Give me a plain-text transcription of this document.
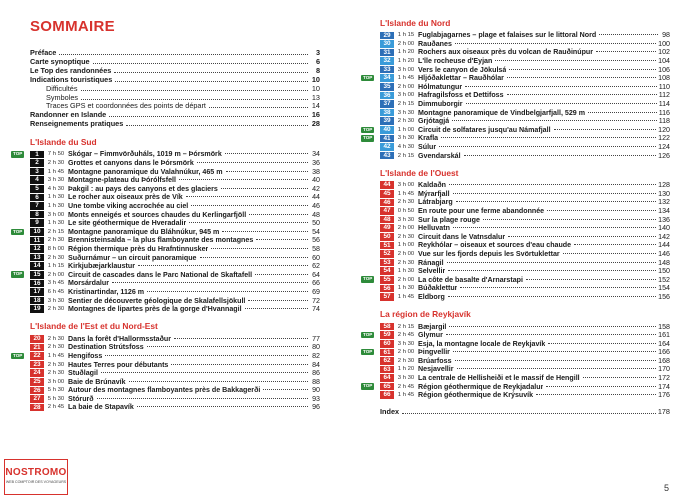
SOMMAIRE
Préface	3
Carte synoptique	6
Le Top des randonnées	8
Indications touristiques	10
Difficultés	10
Symboles	13
Traces GPS et coordonnées des points de départ	14
Randonner en Islande	16
Renseignements pratiques	28
L'Islande du Sud
TOP	1	7 h 50 Skógar – Fimmvörðuháls, 1019 m – Þórsmörk	34
2	2 h 30 Grottes et canyons dans le Þórsmörk	36
3	1 h 45 Montagne panoramique du Valahnúkur, 465 m	38
4	3 h 30 Montagne-plateau du Þórólfsfell	40
5	4 h 30 Þakgil : au pays des canyons et des glaciers	42
6	1 h 30 Le rocher aux oiseaux près de Vík	44
7	1 h 30 Une tombe viking accrochée au ciel	46
8	3 h 00 Monts enneigés et sources chaudes du Kerlingarfjöll	48
9	1 h 30 Le site géothermique de Hveradalir	50
TOP	10	2 h 15 Montagne panoramique du Bláhnúkur, 945 m	54
11	2 h 30 Brennisteinsalda – la plus flamboyante des montagnes	56
12	8 h 00 Région thermique près du Hrafntinnusker	58
13	2 h 30 Suðurnámur – un circuit panoramique	60
14	1 h 15 Kirkjubæjarklaustur	62
TOP	15	2 h 00 Circuit de cascades dans le Parc National de Skaftafell	64
16	3 h 45 Morsárdalur	66
17	6 h 45 Kristinartindar, 1126 m	69
18	3 h 30 Sentier de découverte géologique de Skalafellsjökull	72
19	2 h 30 Montagnes de lipartes près de la gorge d'Hvannagil	74
L'Islande de l'Est et du Nord-Est
20	2 h 30 Dans la forêt d'Hallormsstaður	77
21	2 h 30 Destination Strútsfoss	80
TOP	22	1 h 45 Hengifoss	82
23	2 h 30 Hautes Terres pour débutants	84
24	2 h 30 Stuðlagil	86
25	3 h 00 Baie de Brúnavík	88
26	5 h 30 Autour des montagnes flamboyantes près de Bakkagerði	90
27	5 h 30 Stórurð	93
28	2 h 45 La baie de Stapavík	96
L'Islande du Nord
29	1 h 15 Fuglabjagarnes – plage et falaises sur le littoral Nord	98
30	2 h 00 Rauðanes	100
31	1 h 20 Rochers aux oiseaux près du volcan de Rauðinúpur	102
32	1 h 20 L'île rocheuse d'Eyjan	104
33	3 h 00 Vers le canyon de Jökulsá	106
TOP	34	1 h 45 Hljóðaklettar – Rauðhólar	108
35	2 h 00 Hólmatungur	110
36	3 h 00 Hafragilsfoss et Dettifoss	112
37	2 h 15 Dimmuborgir	114
38	3 h 30 Montagne panoramique de Vindbelgjarfjall, 529 m	116
39	2 h 30 Grjótagjá	118
TOP	40	1 h 00 Circuit de solfatares jusqu'au Námafjall	120
TOP	41	3 h 30 Krafla	122
42	4 h 30 Súlur	124
43	2 h 15 Gvendarskál	126
L'Islande de l'Ouest
44	3 h 00 Kaldaðn	128
45	1 h 45 Mýrarfjall	130
46	2 h 30 Látrabjarg	132
47	0 h 50 En route pour une ferme abandonnée	134
48	3 h 30 Sur la plage rouge	136
49	2 h 00 Helluvatn	140
50	2 h 30 Circuit dans le Vatnsdalur	142
51	1 h 00 Reykhólar – oiseaux et sources d'eau chaude	144
52	2 h 00 Vue sur les fjords depuis les Svörtuklettar	146
53	2 h 30 Ránagil	148
54	1 h 30 Selvellir	150
TOP	55	2 h 00 La côte de basalte d'Arnarstapi	152
56	1 h 30 Búðaklettur	154
57	1 h 45 Eldborg	156
La région de Reykjavík
58	2 h 15 Bæjargil	158
TOP	59	2 h 45 Glymur	161
60	3 h 30 Esja, la montagne locale de Reykjavík	164
TOP	61	2 h 00 Þingvellir	166
62	2 h 30 Brúarfoss	168
63	1 h 20 Nesjavellir	170
64	3 h 30 La centrale de Hellisheiði et le massif de Hengill	172
TOP	65	2 h 45 Région géothermique de Reykjadalur	174
66	1 h 45 Région géothermique de Krýsuvík	176
Index	178
NOSTROMO
WEB COMPTOIR DES VOYAGEURS
5
